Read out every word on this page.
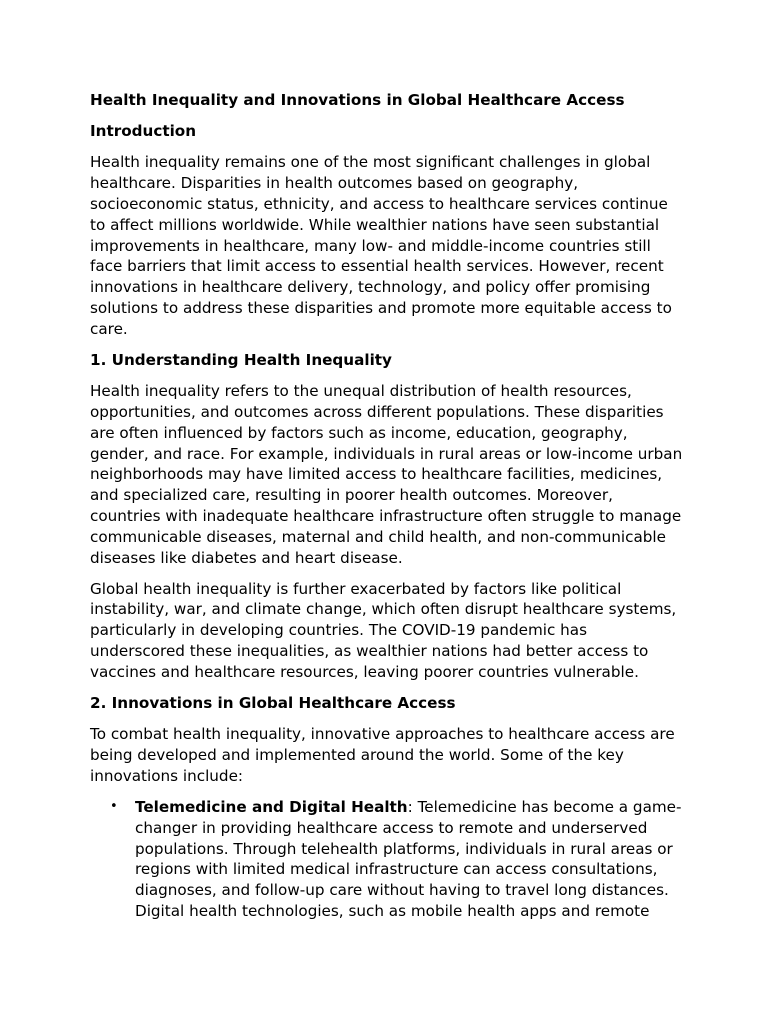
Health Inequality and Innovations in Global Healthcare Access
Introduction

Health inequality remains one of the most significant challenges in global
healthcare. Disparities in health outcomes based on geography,
socioeconomic status, ethnicity, and access to healthcare services continue
to affect millions worldwide. While wealthier nations have seen substantial
improvements in healthcare, many low- and middle-income countries still
face barriers that limit access to essential health services. However, recent
innovations in healthcare delivery, technology, and policy offer promising
solutions to address these disparities and promote more equitable access to
care.

1. Understanding Health Inequality

Health inequality refers to the unequal distribution of health resources,
opportunities, and outcomes across different populations. These disparities
are often influenced by factors such as income, education, geography,
gender, and race. For example, individuals in rural areas or low-income urban
neighborhoods may have limited access to healthcare facilities, medicines,
and specialized care, resulting in poorer health outcomes. Moreover,
countries with inadequate healthcare infrastructure often struggle to manage
communicable diseases, maternal and child health, and non-communicable
diseases like diabetes and heart disease.

Global health inequality is further exacerbated by factors like political
instability, war, and climate change, which often disrupt healthcare systems,
particularly in developing countries. The COVID-19 pandemic has
underscored these inequalities, as wealthier nations had better access to
vaccines and healthcare resources, leaving poorer countries vulnerable.

2. Innovations in Global Healthcare Access

To combat health inequality, innovative approaches to healthcare access are
being developed and implemented around the world. Some of the key
innovations include:

• Telemedicine and Digital Health: Telemedicine has become a game-
changer in providing healthcare access to remote and underserved
populations. Through telehealth platforms, individuals in rural areas or
regions with limited medical infrastructure can access consultations,
diagnoses, and follow-up care without having to travel long distances.
Digital health technologies, such as mobile health apps and remote
